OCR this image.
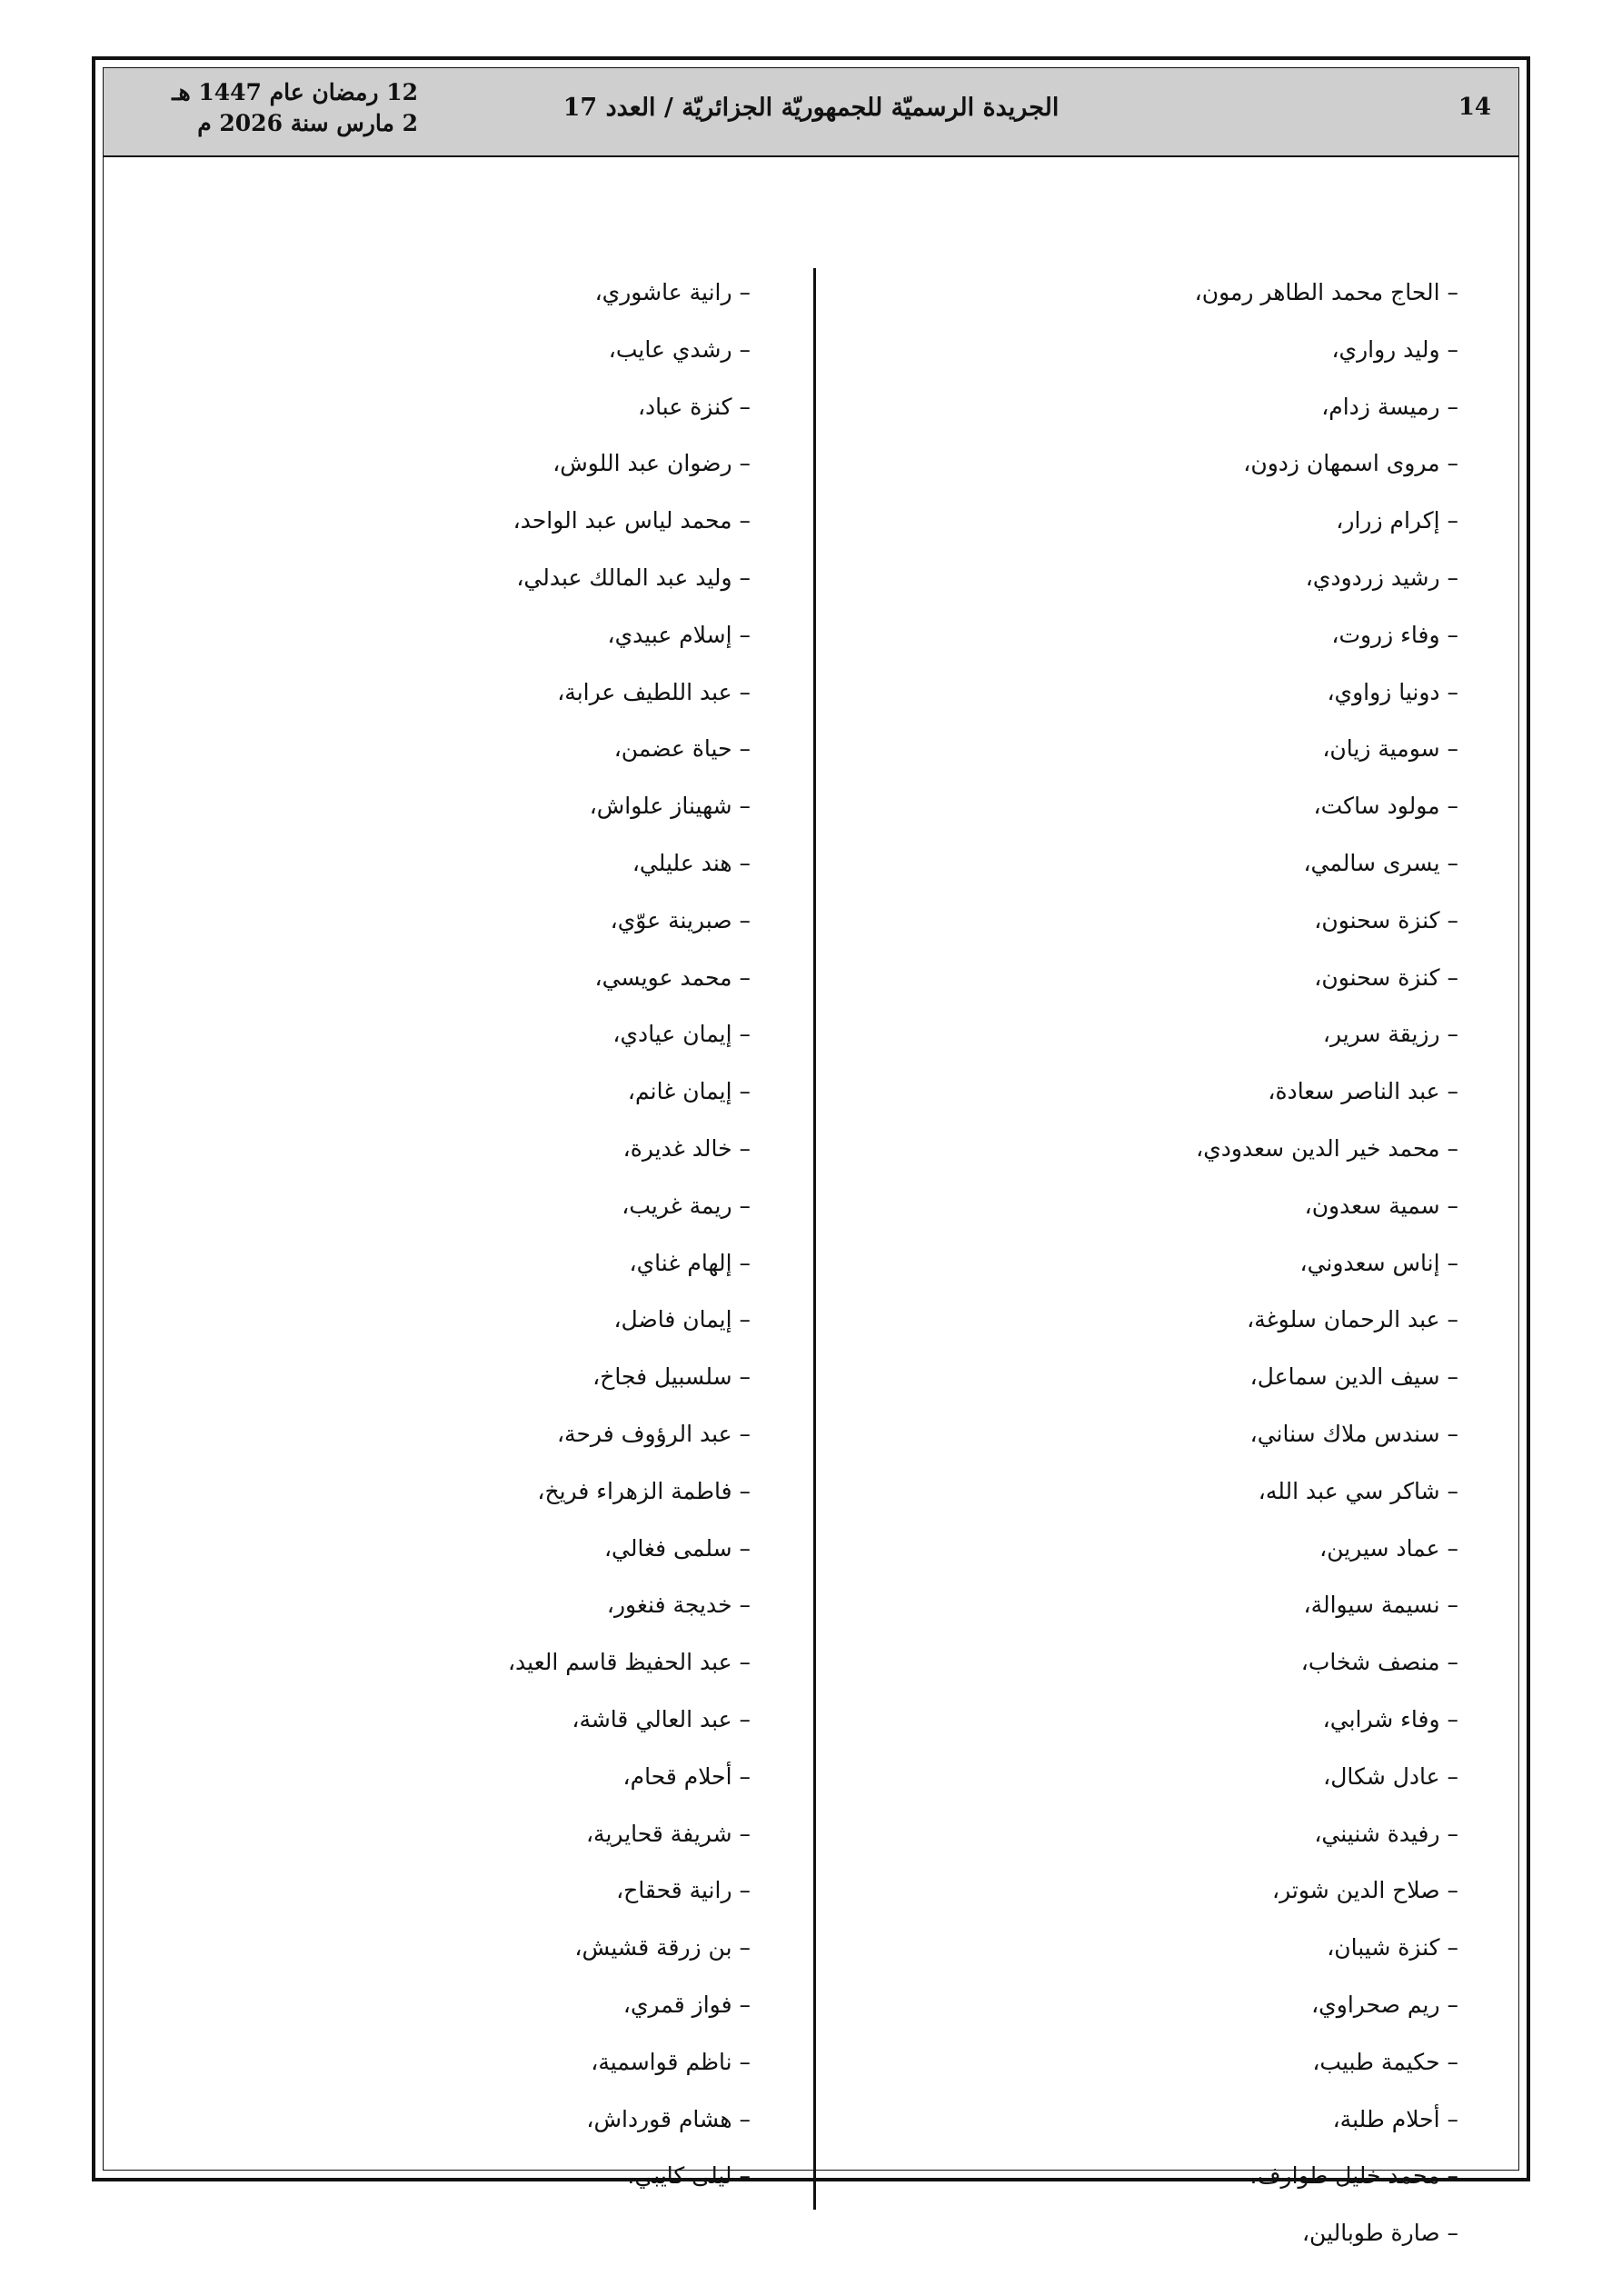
14
الجريدة الرسميّة للجمهوريّة الجزائريّة / العدد 17
12 رمضان عام 1447 هـ
2 مارس سنة 2026 م
– الحاج محمد الطاهر رمون،
– وليد رواري،
– رميسة زدام،
– مروى اسمهان زدون،
– إكرام زرار،
– رشيد زردودي،
– وفاء زروت،
– دونيا زواوي،
– سومية زيان،
– مولود ساكت،
– يسرى سالمي،
– كنزة سحنون،
– كنزة سحنون،
– رزيقة سرير،
– عبد الناصر سعادة،
– محمد خير الدين سعدودي،
– سمية سعدون،
– إناس سعدوني،
– عبد الرحمان سلوغة،
– سيف الدين سماعل،
– سندس ملاك سناني،
– شاكر سي عبد الله،
– عماد سيرين،
– نسيمة سيوالة،
– منصف شخاب،
– وفاء شرابي،
– عادل شكال،
– رفيدة شنيني،
– صلاح الدين شوتر،
– كنزة شيبان،
– ريم صحراوي،
– حكيمة طبيب،
– أحلام طلبة،
– محمد خليل طوارف،
– صارة طوبالين،
– رانية عاشوري،
– رشدي عايب،
– كنزة عباد،
– رضوان عبد اللوش،
– محمد لياس عبد الواحد،
– وليد عبد المالك عبدلي،
– إسلام عبيدي،
– عبد اللطيف عرابة،
– حياة عضمن،
– شهيناز علواش،
– هند عليلي،
– صبرينة عوّي،
– محمد عويسي،
– إيمان عيادي،
– إيمان غانم،
– خالد غديرة،
– ريمة غريب،
– إلهام غناي،
– إيمان فاضل،
– سلسبيل فجاخ،
– عبد الرؤوف فرحة،
– فاطمة الزهراء فريخ،
– سلمى فغالي،
– خديجة فنغور،
– عبد الحفيظ قاسم العيد،
– عبد العالي قاشة،
– أحلام قحام،
– شريفة قحايرية،
– رانية قحقاح،
– بن زرقة قشيش،
– فواز قمري،
– ناظم قواسمية،
– هشام قورداش،
– ليلى كايبي،
